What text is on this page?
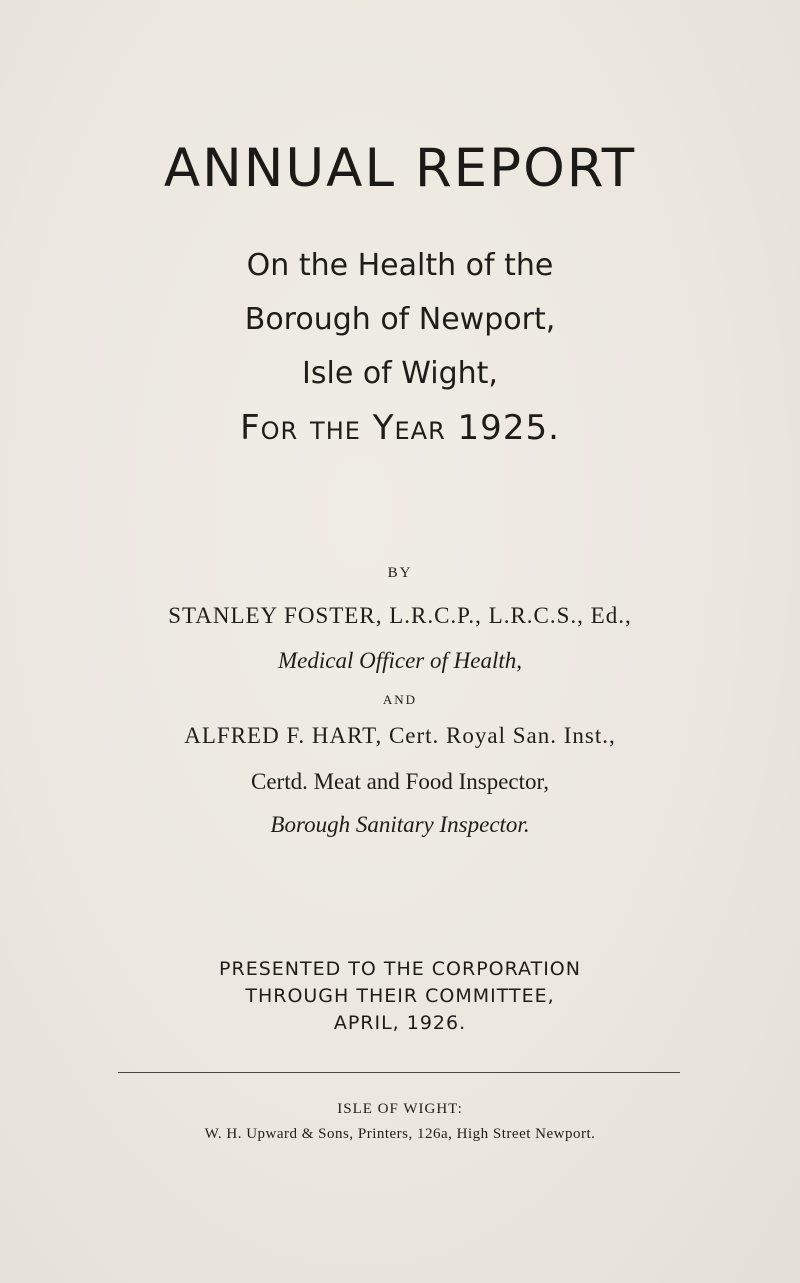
ANNUAL REPORT
On the Health of the
Borough of Newport,
Isle of Wight,
For the Year 1925.
BY
STANLEY FOSTER, L.R.C.P., L.R.C.S., Ed.,
Medical Officer of Health,
AND
ALFRED F. HART, Cert. Royal San. Inst.,
Certd. Meat and Food Inspector,
Borough Sanitary Inspector.
PRESENTED TO THE CORPORATION
THROUGH THEIR COMMITTEE,
APRIL, 1926.
ISLE OF WIGHT:
W. H. Upward & Sons, Printers, 126a, High Street Newport.
